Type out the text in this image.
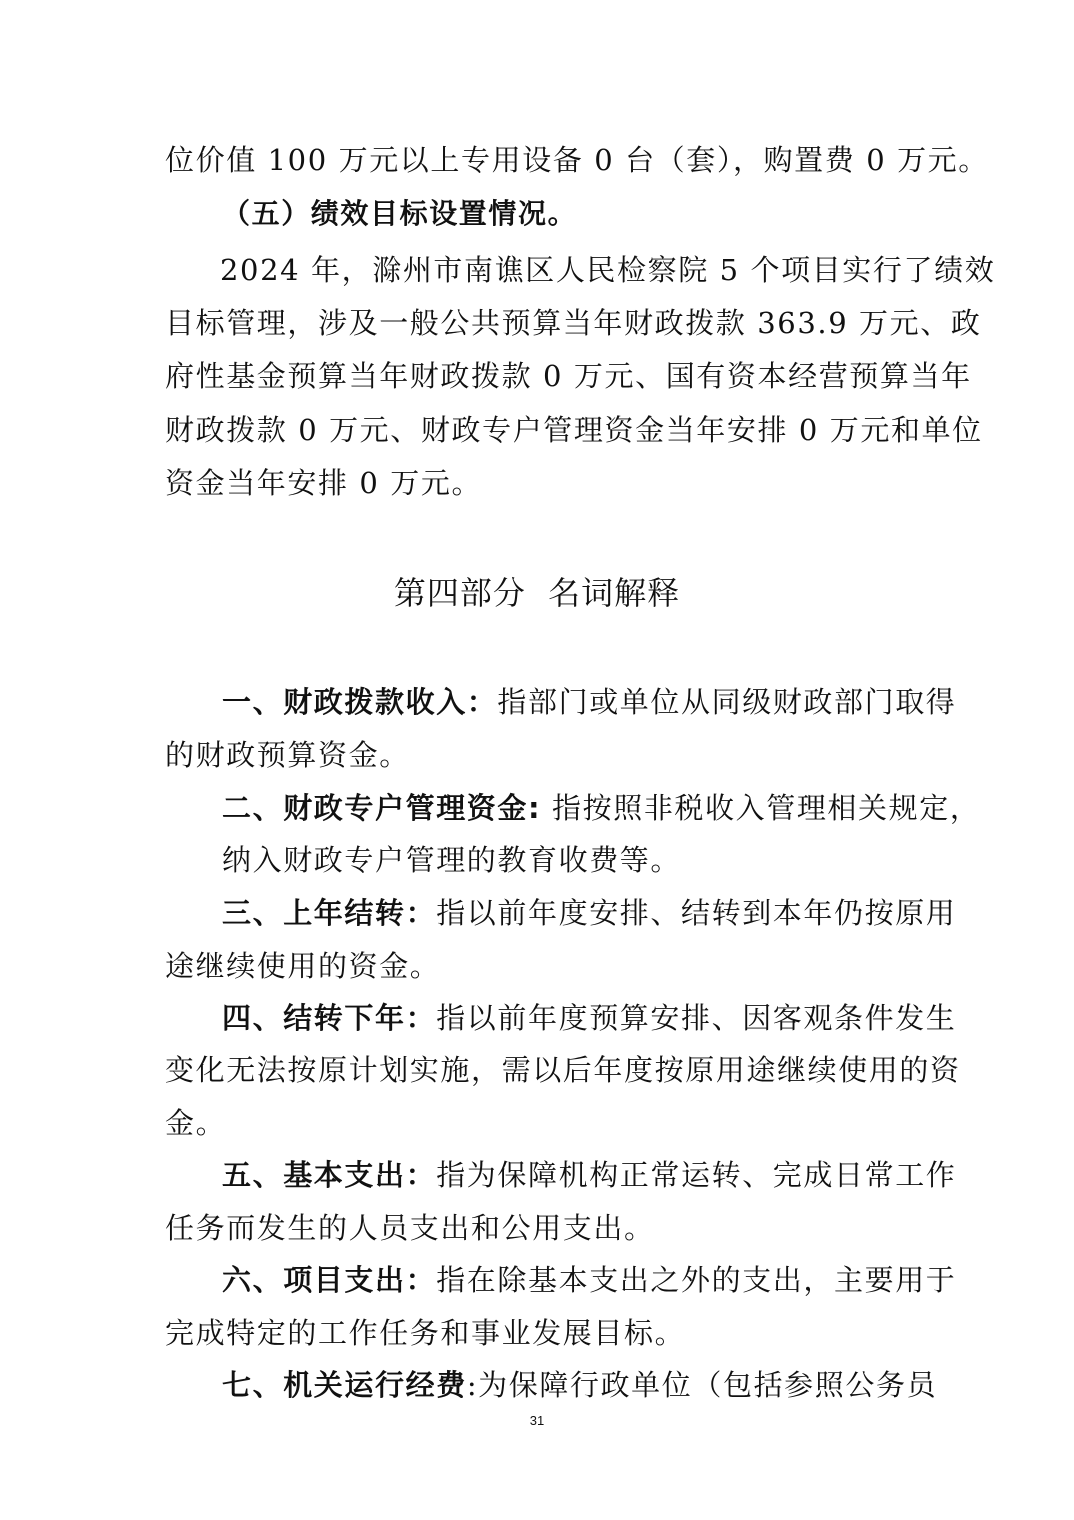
位价值 100 万元以上专用设备 0 台（套），购置费 0 万元。

（五）绩效目标设置情况。

2024 年，滁州市南谯区人民检察院 5 个项目实行了绩效

目标管理，涉及一般公共预算当年财政拨款 363.9 万元、政

府性基金预算当年财政拨款 0 万元、国有资本经营预算当年

财政拨款 0 万元、财政专户管理资金当年安排 0 万元和单位

资金当年安排 0 万元。

第四部分  名词解释

一、财政拨款收入：指部门或单位从同级财政部门取得

的财政预算资金。

二、财政专户管理资金: 指按照非税收入管理相关规定，

纳入财政专户管理的教育收费等。

三、上年结转：指以前年度安排、结转到本年仍按原用

途继续使用的资金。

四、结转下年：指以前年度预算安排、因客观条件发生

变化无法按原计划实施，需以后年度按原用途继续使用的资

金。

五、基本支出：指为保障机构正常运转、完成日常工作

任务而发生的人员支出和公用支出。

六、项目支出：指在除基本支出之外的支出，主要用于

完成特定的工作任务和事业发展目标。

七、机关运行经费:为保障行政单位（包括参照公务员

31
